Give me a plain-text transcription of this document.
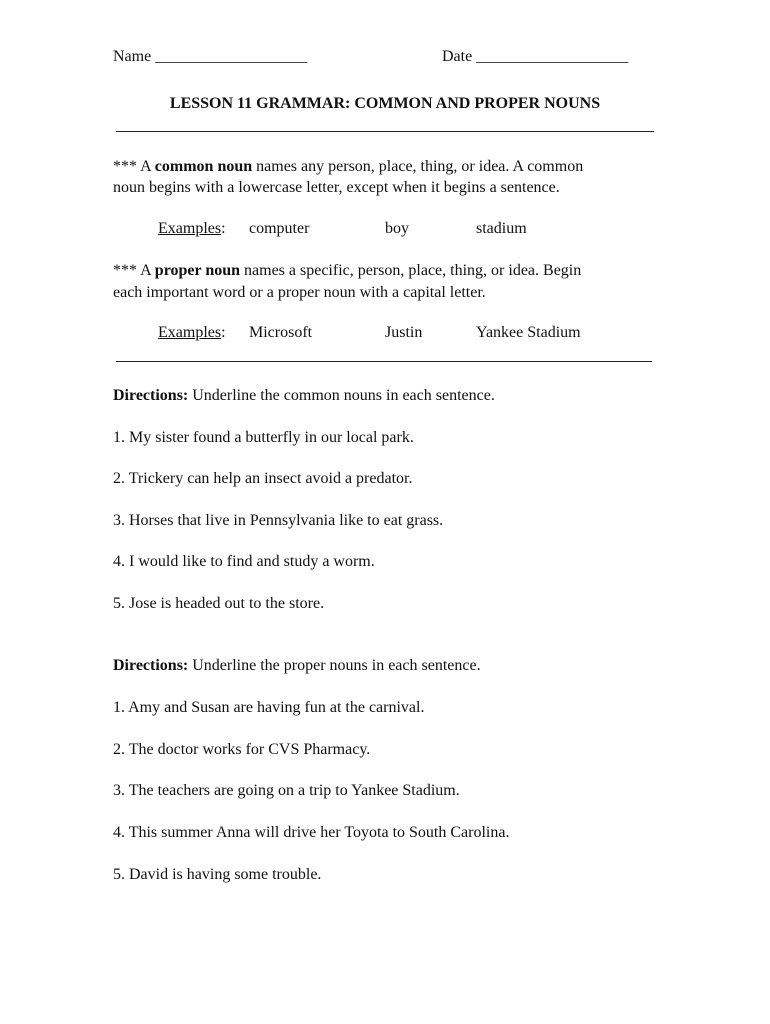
Name ___________________	Date ___________________
LESSON 11 GRAMMAR: COMMON AND PROPER NOUNS
*** A common noun names any person, place, thing, or idea. A common
noun begins with a lowercase letter, except when it begins a sentence.
Examples: computer	boy	stadium
*** A proper noun names a specific, person, place, thing, or idea. Begin
each important word or a proper noun with a capital letter.
Examples: Microsoft	Justin	Yankee Stadium
Directions: Underline the common nouns in each sentence.
1. My sister found a butterfly in our local park.
2. Trickery can help an insect avoid a predator.
3. Horses that live in Pennsylvania like to eat grass.
4. I would like to find and study a worm.
5. Jose is headed out to the store.
Directions: Underline the proper nouns in each sentence.
1. Amy and Susan are having fun at the carnival.
2. The doctor works for CVS Pharmacy.
3. The teachers are going on a trip to Yankee Stadium.
4. This summer Anna will drive her Toyota to South Carolina.
5. David is having some trouble.
